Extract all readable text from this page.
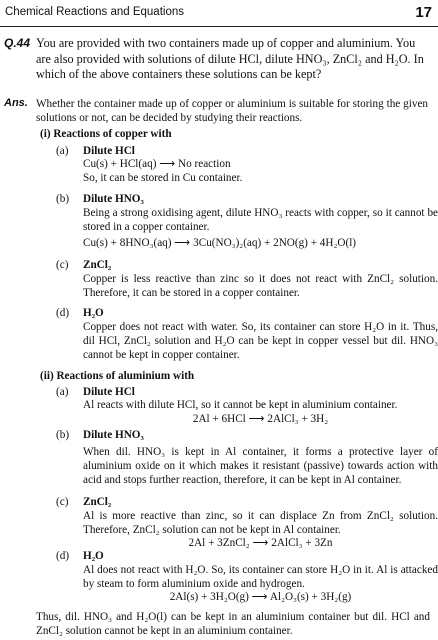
Chemical Reactions and Equations	17
Q.44 You are provided with two containers made up of copper and aluminium. You are also provided with solutions of dilute HCl, dilute HNO₃, ZnCl₂ and H₂O. In which of the above containers these solutions can be kept?
Ans. Whether the container made up of copper or aluminium is suitable for storing the given solutions or not, can be decided by studying their reactions.
(i) Reactions of copper with
(a)	Dilute HCl
Cu(s) + HCl(aq) ⟶ No reaction
So, it can be stored in Cu container.
(b)	Dilute HNO₃
Being a strong oxidising agent, dilute HNO₃ reacts with copper, so it cannot be stored in a copper container.
Cu(s) + 8HNO₃(aq) ⟶ 3Cu(NO₃)₂(aq) + 2NO(g) + 4H₂O(l)
(c)	ZnCl₂
Copper is less reactive than zinc so it does not react with ZnCl₂ solution. Therefore, it can be stored in a copper container.
(d)	H₂O
Copper does not react with water. So, its container can store H₂O in it. Thus, dil HCl, ZnCl₂ solution and H₂O can be kept in copper vessel but dil. HNO₃ cannot be kept in copper container.
(ii) Reactions of aluminium with
(a)	Dilute HCl
Al reacts with dilute HCl, so it cannot be kept in aluminium container.
2Al + 6HCl ⟶ 2AlCl₃ + 3H₂
(b)	Dilute HNO₃
When dil. HNO₃ is kept in Al container, it forms a protective layer of aluminium oxide on it which makes it resistant (passive) towards action with acid and stops further reaction, therefore, it can be kept in Al container.
(c)	ZnCl₂
Al is more reactive than zinc, so it can displace Zn from ZnCl₂ solution. Therefore, ZnCl₂ solution can not be kept in Al container.
2Al + 3ZnCl₂ ⟶ 2AlCl₃ + 3Zn
(d)	H₂O
Al does not react with H₂O. So, its container can store H₂O in it. Al is attacked by steam to form aluminium oxide and hydrogen.
2Al(s) + 3H₂O(g) ⟶ Al₂O₃(s) + 3H₂(g)
Thus, dil. HNO₃ and H₂O(l) can be kept in an aluminium container but dil. HCl and ZnCl₂ solution cannot be kept in an aluminium container.
